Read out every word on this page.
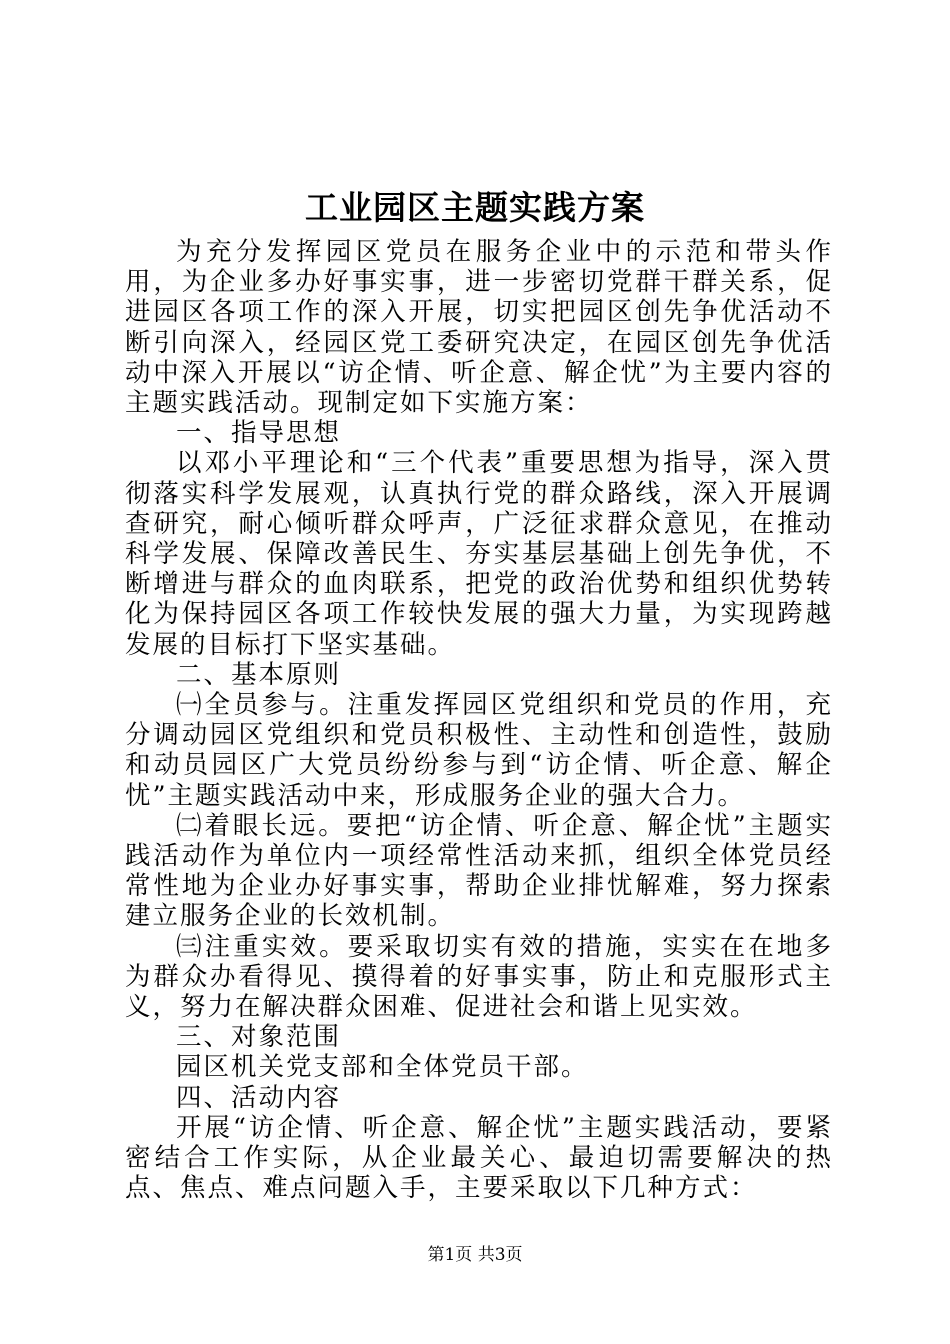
工业园区主题实践方案

为充分发挥园区党员在服务企业中的示范和带头作用，为企业多办好事实事，进一步密切党群干群关系，促进园区各项工作的深入开展，切实把园区创先争优活动不断引向深入，经园区党工委研究决定，在园区创先争优活动中深入开展以“访企情、听企意、解企忧”为主要内容的主题实践活动。现制定如下实施方案：

一、指导思想

以邓小平理论和“三个代表”重要思想为指导，深入贯彻落实科学发展观，认真执行党的群众路线，深入开展调查研究，耐心倾听群众呼声，广泛征求群众意见，在推动科学发展、保障改善民生、夯实基层基础上创先争优，不断增进与群众的血肉联系，把党的政治优势和组织优势转化为保持园区各项工作较快发展的强大力量，为实现跨越发展的目标打下坚实基础。

二、基本原则

㈠全员参与。注重发挥园区党组织和党员的作用，充分调动园区党组织和党员积极性、主动性和创造性，鼓励和动员园区广大党员纷纷参与到“访企情、听企意、解企忧”主题实践活动中来，形成服务企业的强大合力。

㈡着眼长远。要把“访企情、听企意、解企忧”主题实践活动作为单位内一项经常性活动来抓，组织全体党员经常性地为企业办好事实事，帮助企业排忧解难，努力探索建立服务企业的长效机制。

㈢注重实效。要采取切实有效的措施，实实在在地多为群众办看得见、摸得着的好事实事，防止和克服形式主义，努力在解决群众困难、促进社会和谐上见实效。

三、对象范围

园区机关党支部和全体党员干部。

四、活动内容

开展“访企情、听企意、解企忧”主题实践活动，要紧密结合工作实际，从企业最关心、最迫切需要解决的热点、焦点、难点问题入手，主要采取以下几种方式：

第1页 共3页
